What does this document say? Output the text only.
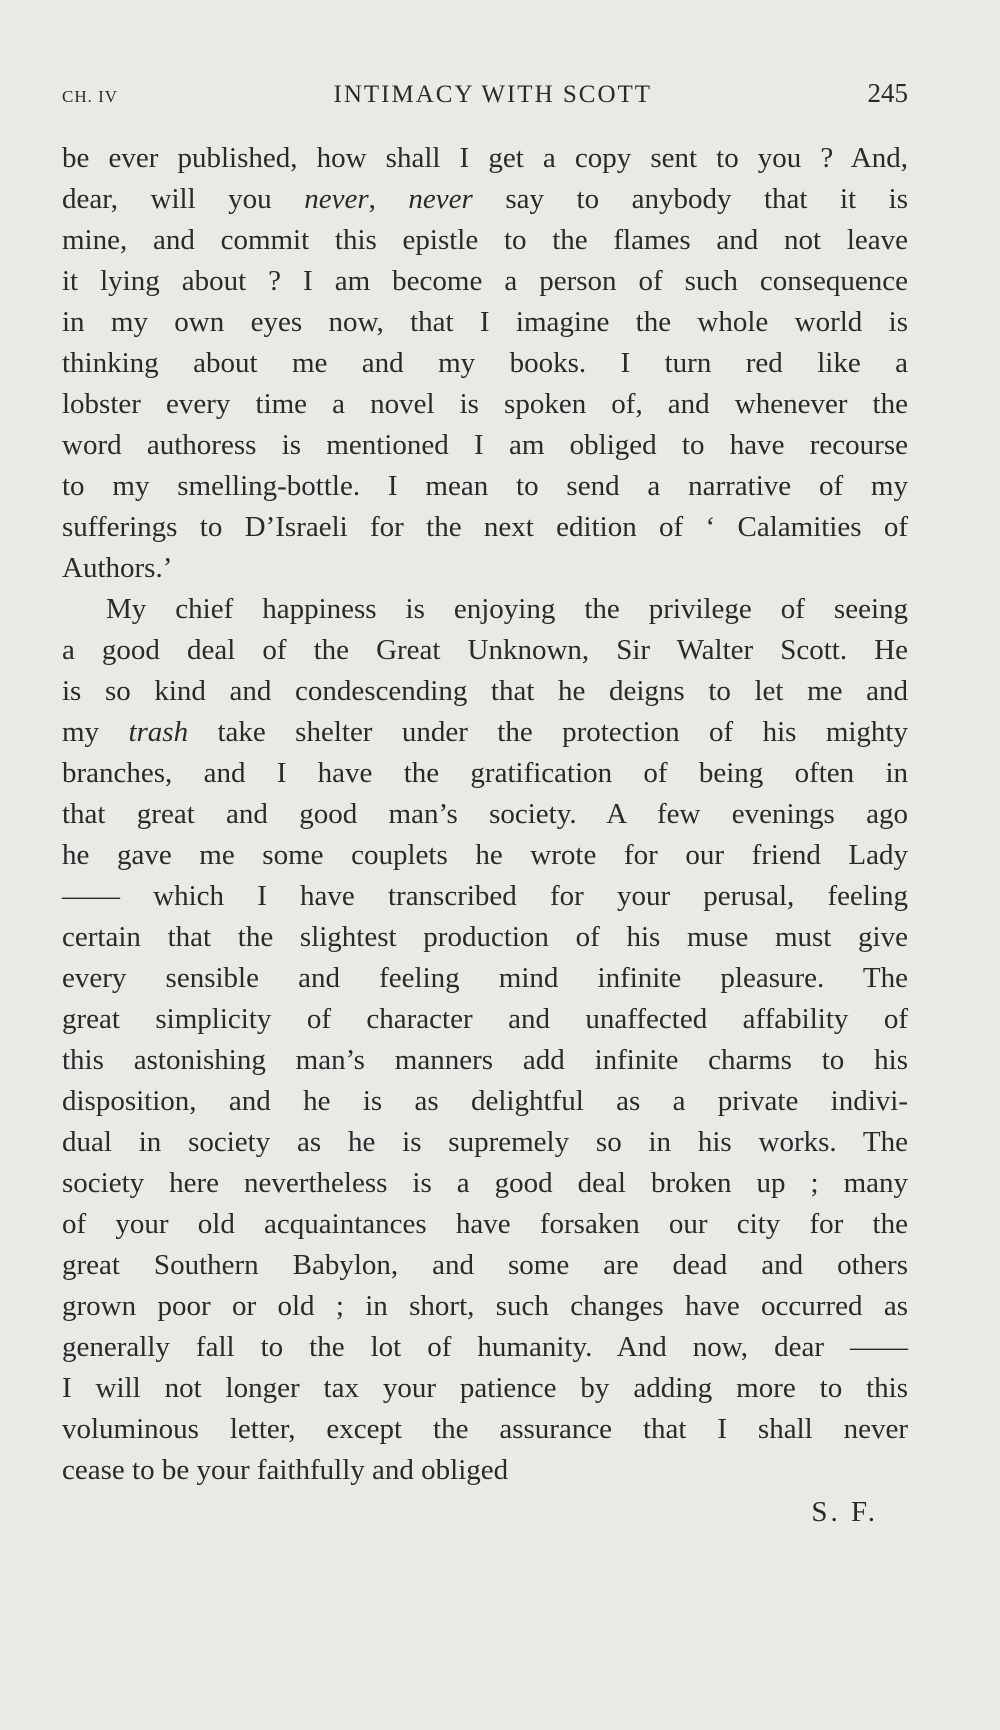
CH. IV	INTIMACY WITH SCOTT	245

be ever published, how shall I get a copy sent to you ? And,
dear, will you never, never say to anybody that it is
mine, and commit this epistle to the flames and not leave
it lying about ? I am become a person of such consequence
in my own eyes now, that I imagine the whole world is
thinking about me and my books. I turn red like a
lobster every time a novel is spoken of, and whenever the
word authoress is mentioned I am obliged to have recourse
to my smelling-bottle. I mean to send a narrative of my
sufferings to D’Israeli for the next edition of ‘ Calamities of
Authors.’

My chief happiness is enjoying the privilege of seeing
a good deal of the Great Unknown, Sir Walter Scott. He
is so kind and condescending that he deigns to let me and
my trash take shelter under the protection of his mighty
branches, and I have the gratification of being often in
that great and good man’s society. A few evenings ago
he gave me some couplets he wrote for our friend Lady
—— which I have transcribed for your perusal, feeling
certain that the slightest production of his muse must give
every sensible and feeling mind infinite pleasure. The
great simplicity of character and unaffected affability of
this astonishing man’s manners add infinite charms to his
disposition, and he is as delightful as a private indivi-
dual in society as he is supremely so in his works. The
society here nevertheless is a good deal broken up ; many
of your old acquaintances have forsaken our city for the
great Southern Babylon, and some are dead and others
grown poor or old ; in short, such changes have occurred as
generally fall to the lot of humanity. And now, dear ——
I will not longer tax your patience by adding more to this
voluminous letter, except the assurance that I shall never
cease to be your faithfully and obliged

S. F.
